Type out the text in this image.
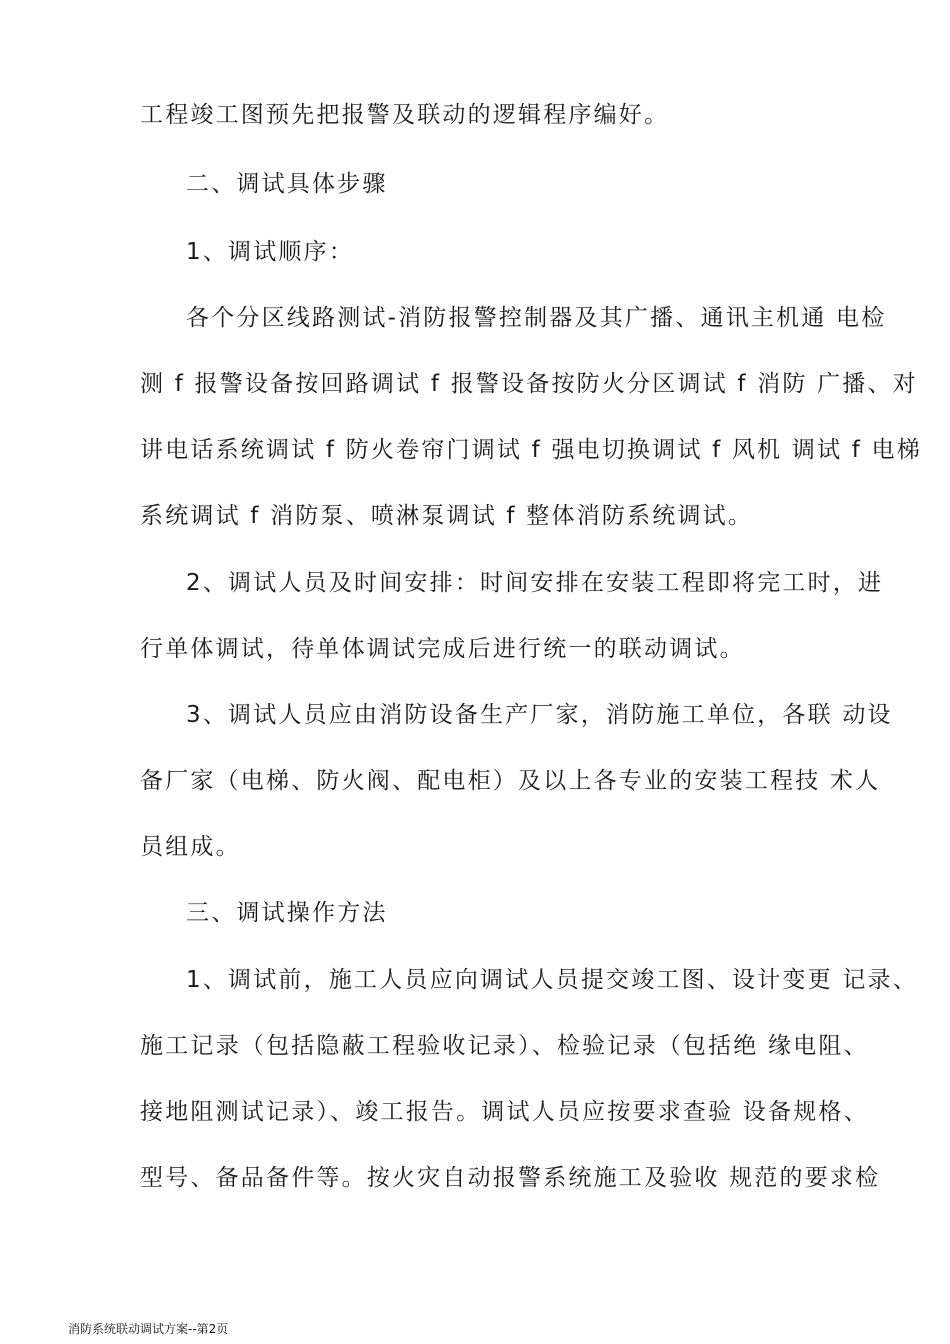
工程竣工图预先把报警及联动的逻辑程序编好。
二、调试具体步骤
1、调试顺序：
各个分区线路测试-消防报警控制器及其广播、通讯主机通 电检
测 f 报警设备按回路调试 f 报警设备按防火分区调试 f 消防 广播、对
讲电话系统调试 f 防火卷帘门调试 f 强电切换调试 f 风机 调试 f 电梯
系统调试 f 消防泵、喷淋泵调试 f 整体消防系统调试。
2、调试人员及时间安排：时间安排在安装工程即将完工时，进
行单体调试，待单体调试完成后进行统一的联动调试。
3、调试人员应由消防设备生产厂家，消防施工单位，各联 动设
备厂家（电梯、防火阀、配电柜）及以上各专业的安装工程技 术人
员组成。
三、调试操作方法
1、调试前，施工人员应向调试人员提交竣工图、设计变更 记录、
施工记录（包括隐蔽工程验收记录）、检验记录（包括绝 缘电阻、
接地阻测试记录）、竣工报告。调试人员应按要求查验 设备规格、
型号、备品备件等。按火灾自动报警系统施工及验收 规范的要求检
消防系统联动调试方案--第2页
